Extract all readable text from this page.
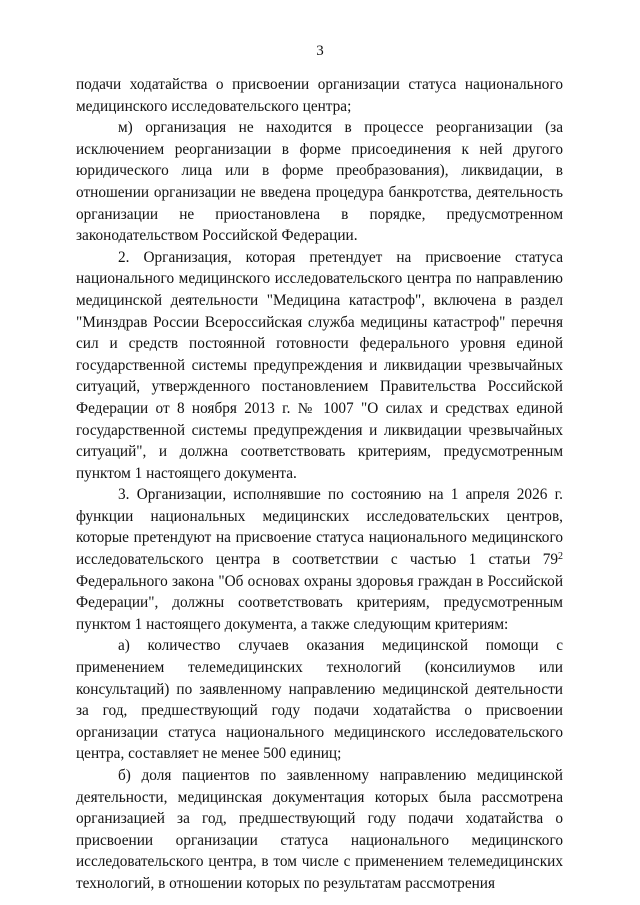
3

подачи ходатайства о присвоении организации статуса национального медицинского исследовательского центра;

м) организация не находится в процессе реорганизации (за исключением реорганизации в форме присоединения к ней другого юридического лица или в форме преобразования), ликвидации, в отношении организации не введена процедура банкротства, деятельность организации не приостановлена в порядке, предусмотренном законодательством Российской Федерации.

2. Организация, которая претендует на присвоение статуса национального медицинского исследовательского центра по направлению медицинской деятельности "Медицина катастроф", включена в раздел "Минздрав России Всероссийская служба медицины катастроф" перечня сил и средств постоянной готовности федерального уровня единой государственной системы предупреждения и ликвидации чрезвычайных ситуаций, утвержденного постановлением Правительства Российской Федерации от 8 ноября 2013 г. № 1007 "О силах и средствах единой государственной системы предупреждения и ликвидации чрезвычайных ситуаций", и должна соответствовать критериям, предусмотренным пунктом 1 настоящего документа.

3. Организации, исполнявшие по состоянию на 1 апреля 2026 г. функции национальных медицинских исследовательских центров, которые претендуют на присвоение статуса национального медицинского исследовательского центра в соответствии с частью 1 статьи $79^2$ Федерального закона "Об основах охраны здоровья граждан в Российской Федерации", должны соответствовать критериям, предусмотренным пунктом 1 настоящего документа, а также следующим критериям:

а) количество случаев оказания медицинской помощи с применением телемедицинских технологий (консилиумов или консультаций) по заявленному направлению медицинской деятельности за год, предшествующий году подачи ходатайства о присвоении организации статуса национального медицинского исследовательского центра, составляет не менее 500 единиц;

б) доля пациентов по заявленному направлению медицинской деятельности, медицинская документация которых была рассмотрена организацией за год, предшествующий году подачи ходатайства о присвоении организации статуса национального медицинского исследовательского центра, в том числе с применением телемедицинских технологий, в отношении которых по результатам рассмотрения
